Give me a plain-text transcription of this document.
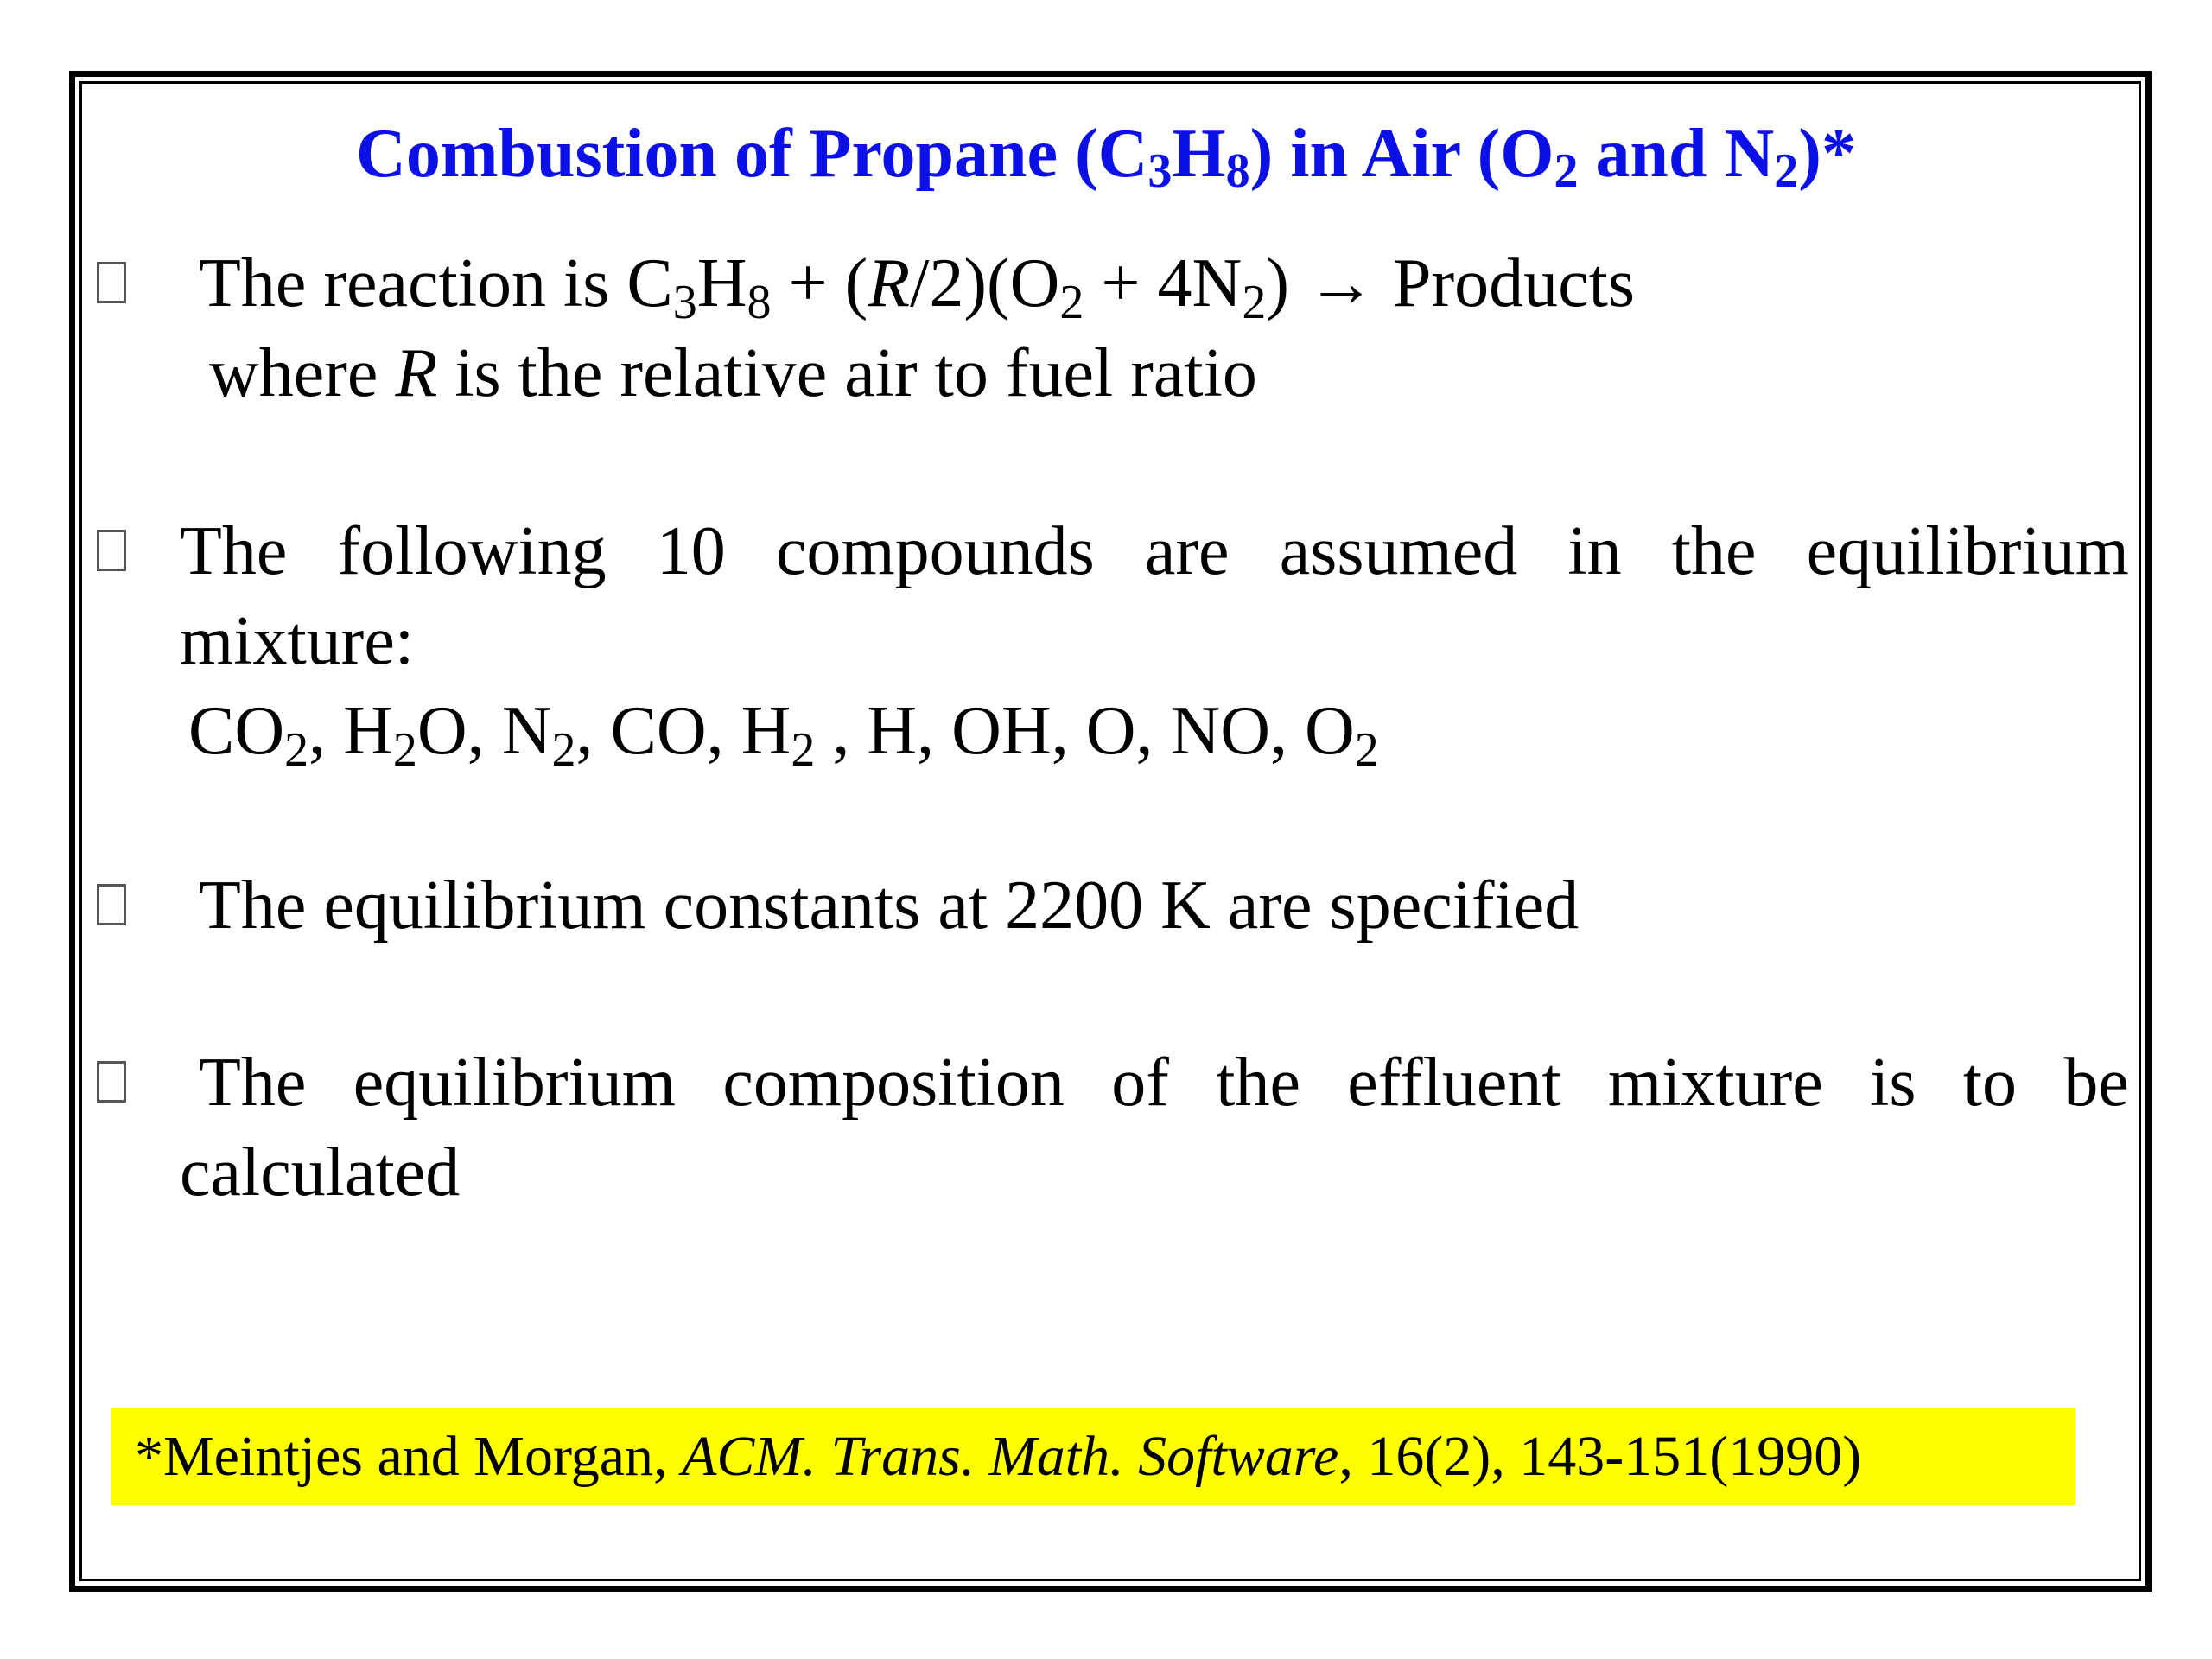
Combustion of Propane $(C_3H_8)$ in Air ($O_2$ and $N_2)*$
The reaction is $C_3H_8 + (R/2)(O_2 + 4N_2)$ → Products
where R is the relative air to fuel ratio
The following 10 compounds are assumed in the equilibrium
mixture:
$CO_2$, $H_2O$, $N_2$, CO, $H_2$ , H, OH, O, NO, $O_2$
The equilibrium constants at 2200 K are specified
The equilibrium composition of the effluent mixture is to be
calculated
*Meintjes and Morgan, ACM. Trans. Math. Software, 16(2), 143-151(1990)
